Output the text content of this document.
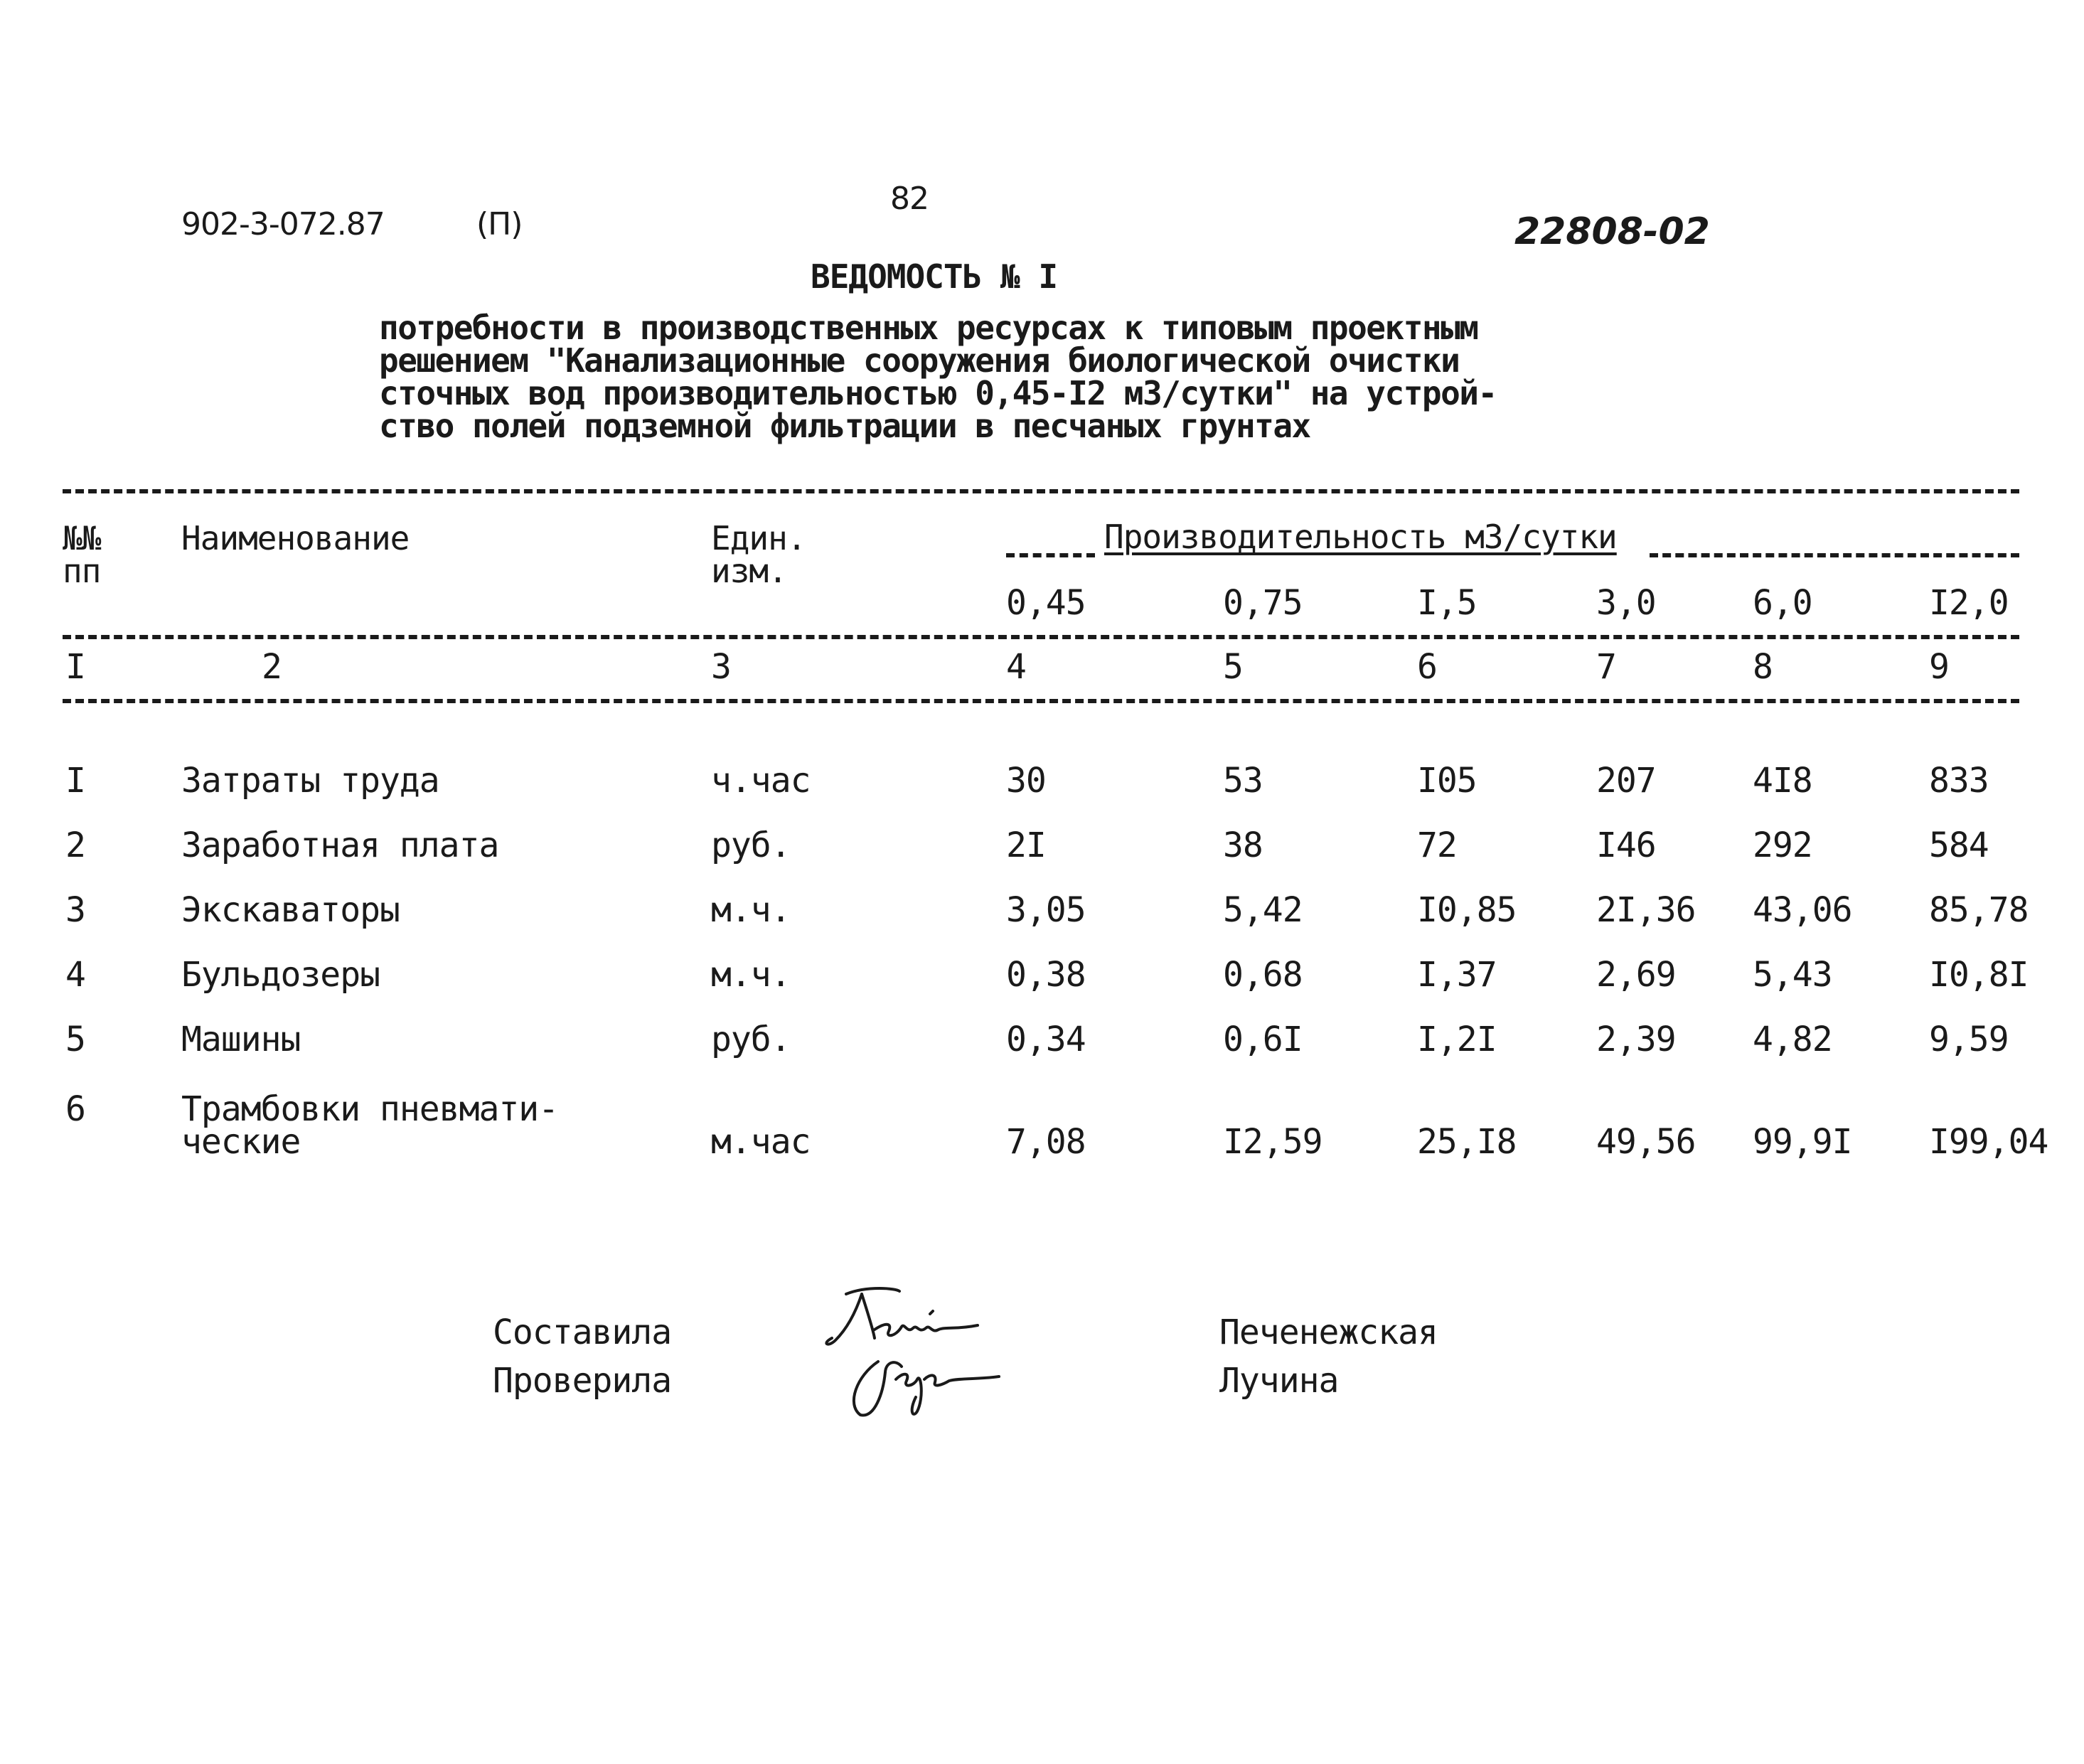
902-3-072.87	(П)
82
22808-02
ВЕДОМОСТЬ № I
потребности в производственных ресурсах к типовым проектным
решением "Канализационные сооружения биологической очистки
сточных вод производительностью 0,45-I2 м3/сутки" на устрой-
ство полей подземной фильтрации в песчаных грунтах
№№
пп
Наименование	Един.
изм.
Производительность м3/сутки
0,45	0,75	I,5	3,0	6,0	I2,0
I	2	3	4	5	6	7	8	9
I	Затраты труда	ч.час	30	53	I05	207	4I8	833
2	Заработная плата	руб.	2I	38	72	I46	292	584
3	Экскаваторы	м.ч.	3,05	5,42	I0,85 2I,36 43,06 85,78
4	Бульдозеры	м.ч.	0,38	0,68	I,37	2,69 5,43	I0,8I
5	Машины	руб.	0,34	0,6I	I,2I	2,39 4,82	9,59
6	Трамбовки пневмати-
ческие	м.час	7,08	I2,59	25,I8 49,56 99,9I I99,04
Составила
Проверила
Печенежская
Лучина
